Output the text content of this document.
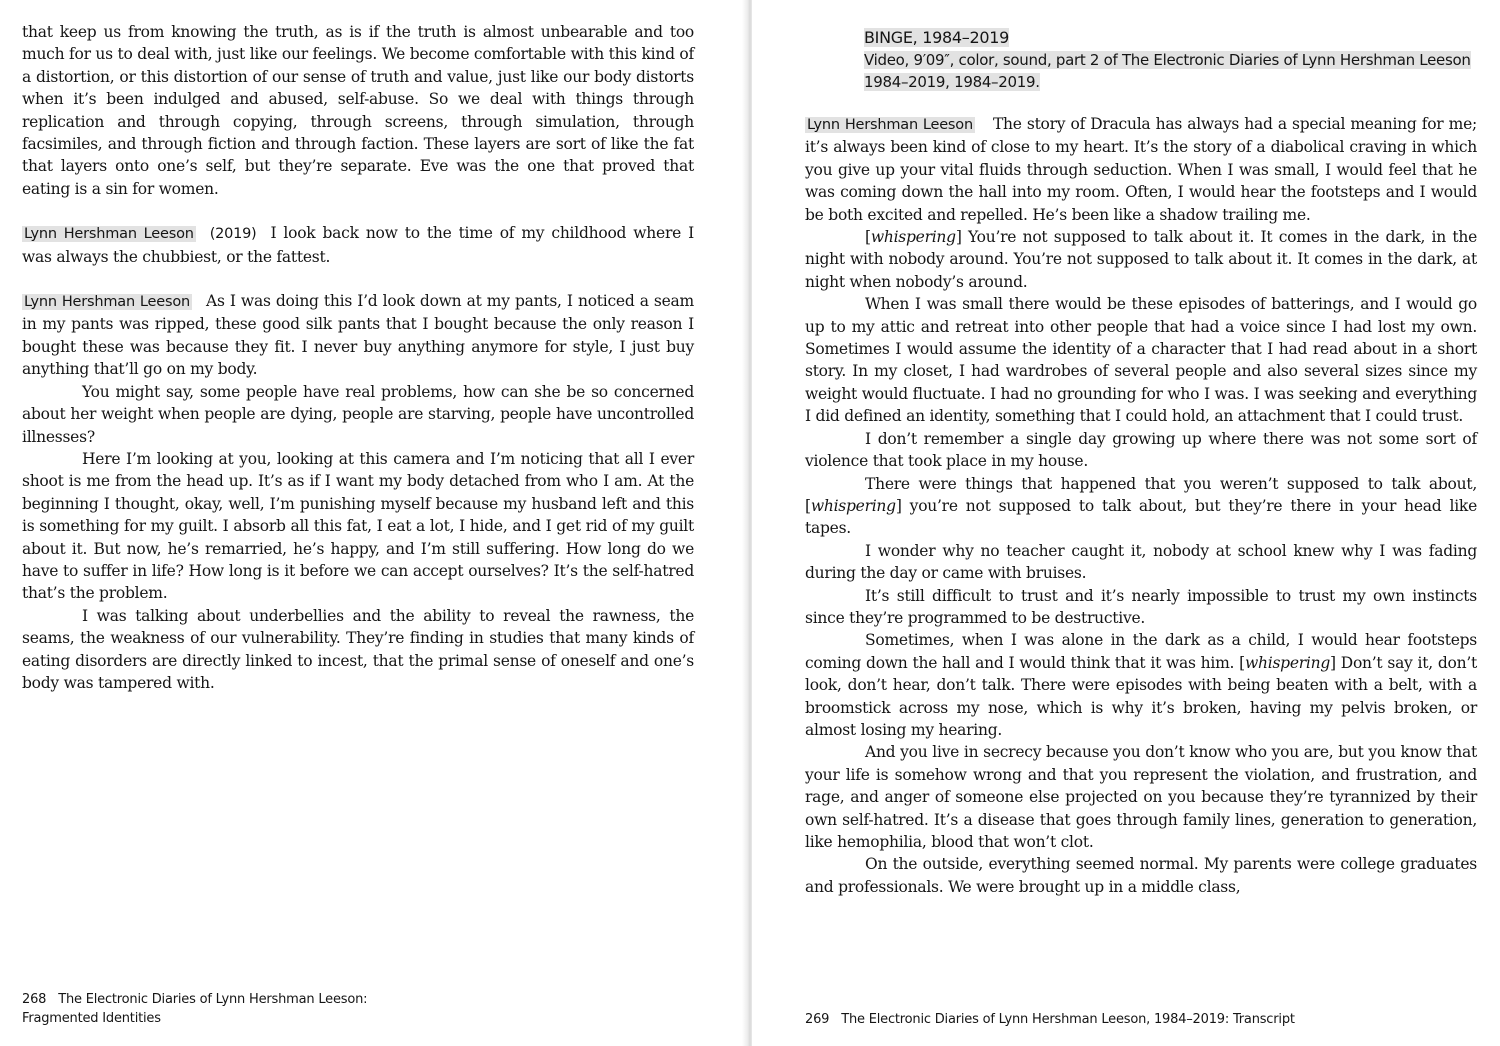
that keep us from knowing the truth, as is if the truth is almost unbearable and too much for us to deal with, just like our feelings. We become comfortable with this kind of a distortion, or this distortion of our sense of truth and value, just like our body distorts when it’s been indulged and abused, self-abuse. So we deal with things through replication and through copying, through screens, through simulation, through facsimiles, and through fiction and through faction. These layers are sort of like the fat that layers onto one’s self, but they’re separate. Eve was the one that proved that eating is a sin for women.

Lynn Hershman Leeson (2019) I look back now to the time of my childhood where I was always the chubbiest, or the fattest.

Lynn Hershman Leeson As I was doing this I’d look down at my pants, I noticed a seam in my pants was ripped, these good silk pants that I bought because the only reason I bought these was because they fit. I never buy anything anymore for style, I just buy anything that’ll go on my body.

You might say, some people have real problems, how can she be so concerned about her weight when people are dying, people are starving, people have uncontrolled illnesses?

Here I’m looking at you, looking at this camera and I’m noticing that all I ever shoot is me from the head up. It’s as if I want my body detached from who I am. At the beginning I thought, okay, well, I’m punishing myself because my husband left and this is something for my guilt. I absorb all this fat, I eat a lot, I hide, and I get rid of my guilt about it. But now, he’s remarried, he’s happy, and I’m still suffering. How long do we have to suffer in life? How long is it before we can accept ourselves? It’s the self-hatred that’s the problem.

I was talking about underbellies and the ability to reveal the rawness, the seams, the weakness of our vulnerability. They’re finding in studies that many kinds of eating disorders are directly linked to incest, that the primal sense of oneself and one’s body was tampered with.

268 The Electronic Diaries of Lynn Hershman Leeson:
Fragmented Identities
BINGE, 1984–2019
Video, 9′09″, color, sound, part 2 of The Electronic Diaries of Lynn Hershman Leeson 1984–2019, 1984–2019.

Lynn Hershman Leeson The story of Dracula has always had a special meaning for me; it’s always been kind of close to my heart. It’s the story of a diabolical craving in which you give up your vital fluids through seduction. When I was small, I would feel that he was coming down the hall into my room. Often, I would hear the footsteps and I would be both excited and repelled. He’s been like a shadow trailing me.

[whispering] You’re not supposed to talk about it. It comes in the dark, in the night with nobody around. You’re not supposed to talk about it. It comes in the dark, at night when nobody’s around.

When I was small there would be these episodes of batterings, and I would go up to my attic and retreat into other people that had a voice since I had lost my own. Sometimes I would assume the identity of a character that I had read about in a short story. In my closet, I had wardrobes of several people and also several sizes since my weight would fluctuate. I had no grounding for who I was. I was seeking and everything I did defined an identity, something that I could hold, an attachment that I could trust.

I don’t remember a single day growing up where there was not some sort of violence that took place in my house.

There were things that happened that you weren’t supposed to talk about, [whispering] you’re not supposed to talk about, but they’re there in your head like tapes.

I wonder why no teacher caught it, nobody at school knew why I was fading during the day or came with bruises.

It’s still difficult to trust and it’s nearly impossible to trust my own instincts since they’re programmed to be destructive.

Sometimes, when I was alone in the dark as a child, I would hear footsteps coming down the hall and I would think that it was him. [whispering] Don’t say it, don’t look, don’t hear, don’t talk. There were episodes with being beaten with a belt, with a broomstick across my nose, which is why it’s broken, having my pelvis broken, or almost losing my hearing.

And you live in secrecy because you don’t know who you are, but you know that your life is somehow wrong and that you represent the violation, and frustration, and rage, and anger of someone else projected on you because they’re tyrannized by their own self-hatred. It’s a disease that goes through family lines, generation to generation, like hemophilia, blood that won’t clot.

On the outside, everything seemed normal. My parents were college graduates and professionals. We were brought up in a middle class,

269 The Electronic Diaries of Lynn Hershman Leeson, 1984–2019: Transcript
